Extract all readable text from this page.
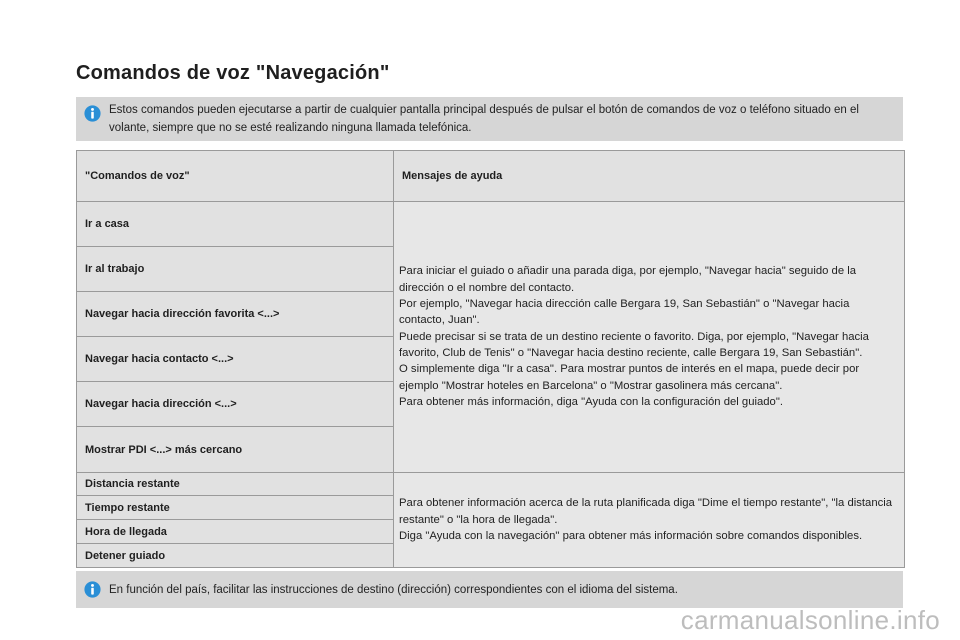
Comandos de voz "Navegación"
Estos comandos pueden ejecutarse a partir de cualquier pantalla principal después de pulsar el botón de comandos de voz o teléfono situado en el volante, siempre que no se esté realizando ninguna llamada telefónica.
"Comandos de voz"	Mensajes de ayuda
Ir a casa	Para iniciar el guiado o añadir una parada diga, por ejemplo, "Navegar hacia" seguido de la dirección o el nombre del contacto.
Por ejemplo, "Navegar hacia dirección calle Bergara 19, San Sebastián" o "Navegar hacia contacto, Juan".
Puede precisar si se trata de un destino reciente o favorito. Diga, por ejemplo, "Navegar hacia favorito, Club de Tenis" o "Navegar hacia destino reciente, calle Bergara 19, San Sebastián".
O simplemente diga "Ir a casa". Para mostrar puntos de interés en el mapa, puede decir por ejemplo "Mostrar hoteles en Barcelona" o "Mostrar gasolinera más cercana".
Para obtener más información, diga "Ayuda con la configuración del guiado".

Ir al trabajo	
Navegar hacia dirección favorita <...>	
Navegar hacia contacto <...>	
Navegar hacia dirección <...>	
Mostrar PDI <...> más cercano	
Distancia restante	Para obtener información acerca de la ruta planificada diga "Dime el tiempo restante", "la distancia restante" o "la hora de llegada".
Diga "Ayuda con la navegación" para obtener más información sobre comandos disponibles.

Tiempo restante	
Hora de llegada	
Detener guiado	
En función del país, facilitar las instrucciones de destino (dirección) correspondientes con el idioma del sistema.
carmanualsonline.info
